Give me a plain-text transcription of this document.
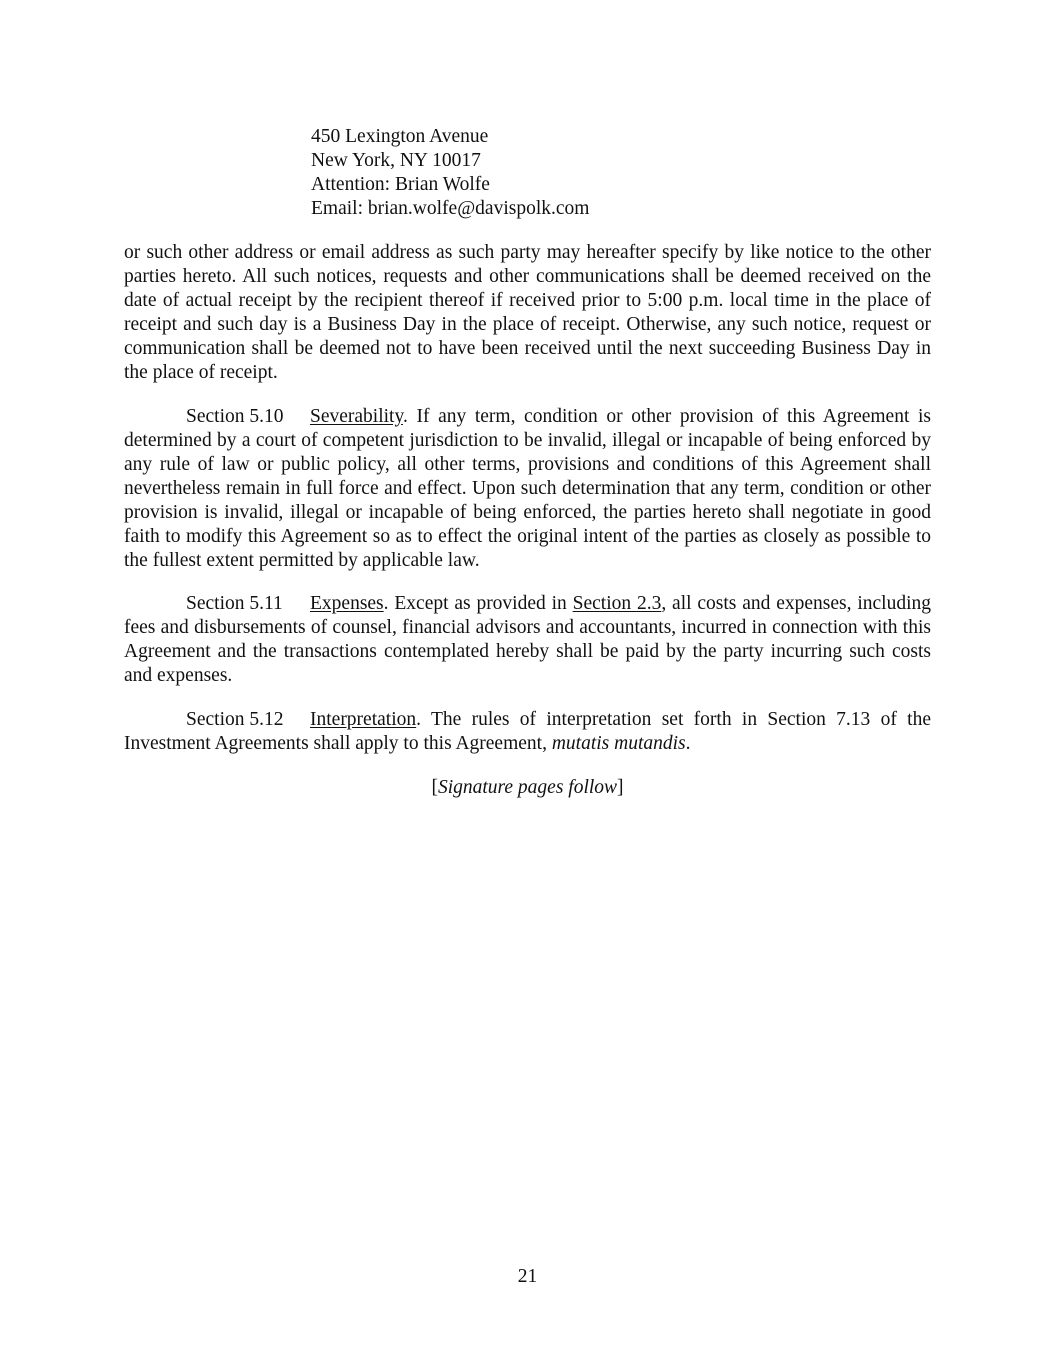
450 Lexington Avenue
New York, NY 10017
Attention: Brian Wolfe
Email: brian.wolfe@davispolk.com

or such other address or email address as such party may hereafter specify by like notice to the other parties hereto. All such notices, requests and other communications shall be deemed received on the date of actual receipt by the recipient thereof if received prior to 5:00 p.m. local time in the place of receipt and such day is a Business Day in the place of receipt. Otherwise, any such notice, request or communication shall be deemed not to have been received until the next succeeding Business Day in the place of receipt.

Section 5.10 Severability. If any term, condition or other provision of this Agreement is determined by a court of competent jurisdiction to be invalid, illegal or incapable of being enforced by any rule of law or public policy, all other terms, provisions and conditions of this Agreement shall nevertheless remain in full force and effect. Upon such determination that any term, condition or other provision is invalid, illegal or incapable of being enforced, the parties hereto shall negotiate in good faith to modify this Agreement so as to effect the original intent of the parties as closely as possible to the fullest extent permitted by applicable law.

Section 5.11 Expenses. Except as provided in Section 2.3, all costs and expenses, including fees and disbursements of counsel, financial advisors and accountants, incurred in connection with this Agreement and the transactions contemplated hereby shall be paid by the party incurring such costs and expenses.

Section 5.12 Interpretation. The rules of interpretation set forth in Section 7.13 of the Investment Agreements shall apply to this Agreement, mutatis mutandis.

[Signature pages follow]

21
